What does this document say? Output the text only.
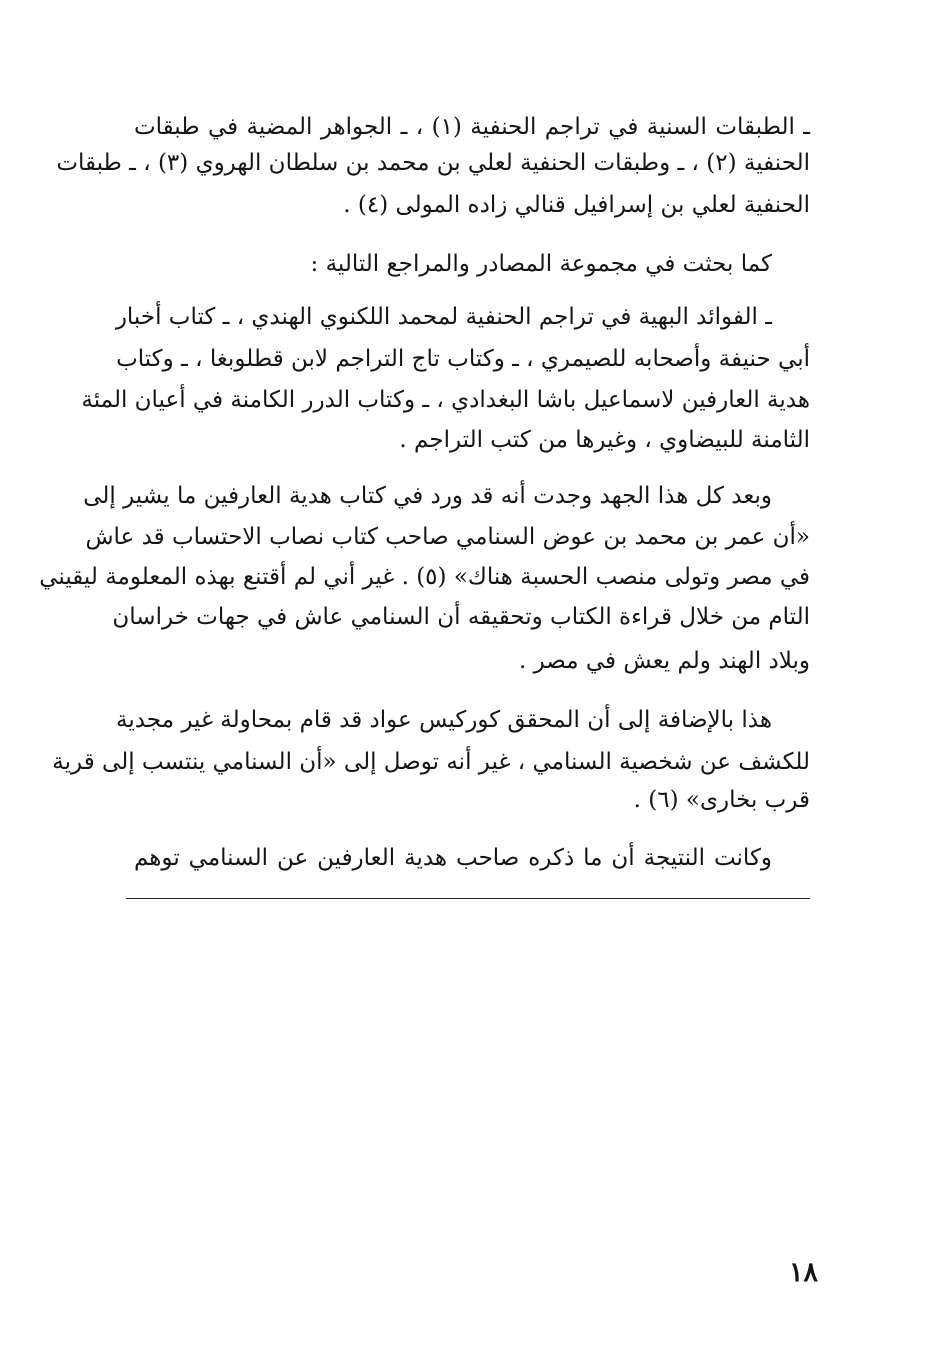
ـ الطبقات السنية في تراجم الحنفية (١) ، ـ الجواهر المضية في طبقات

الحنفية (٢) ، ـ وطبقات الحنفية لعلي بن محمد بن سلطان الهروي (٣) ، ـ طبقات

الحنفية لعلي بن إسرافيل قنالي زاده المولى (٤) .

كما بحثت في مجموعة المصادر والمراجع التالية :

ـ الفوائد البهية في تراجم الحنفية لمحمد اللكنوي الهندي ، ـ كتاب أخبار

أبي حنيفة وأصحابه للصيمري ، ـ وكتاب تاج التراجم لابن قطلوبغا ، ـ وكتاب

هدية العارفين لاسماعيل باشا البغدادي ، ـ وكتاب الدرر الكامنة في أعيان المئة

الثامنة للبيضاوي ، وغيرها من كتب التراجم .

وبعد كل هذا الجهد وجدت أنه قد ورد في كتاب هدية العارفين ما يشير إلى

«أن عمر بن محمد بن عوض السنامي صاحب كتاب نصاب الاحتساب قد عاش

في مصر وتولى منصب الحسبة هناك» (٥) . غير أني لم أقتنع بهذه المعلومة ليقيني

التام من خلال قراءة الكتاب وتحقيقه أن السنامي عاش في جهات خراسان

وبلاد الهند ولم يعش في مصر .

هذا بالإضافة إلى أن المحقق كوركيس عواد قد قام بمحاولة غير مجدية

للكشف عن شخصية السنامي ، غير أنه توصل إلى «أن السنامي ينتسب إلى قرية

قرب بخارى» (٦) .

وكانت النتيجة أن ما ذكره صاحب هدية العارفين عن السنامي توهم

١٨
